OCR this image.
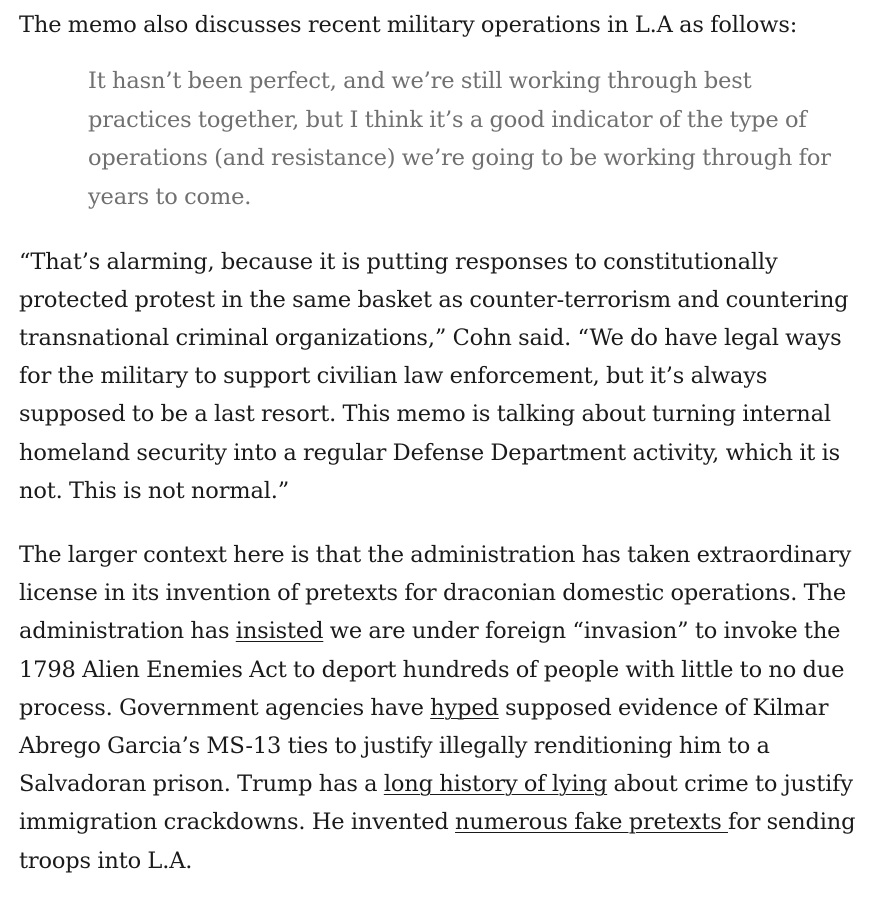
The memo also discusses recent military operations in L.A as follows:

It hasn’t been perfect, and we’re still working through best practices together, but I think it’s a good indicator of the type of operations (and resistance) we’re going to be working through for years to come.

“That’s alarming, because it is putting responses to constitutionally protected protest in the same basket as counter-terrorism and countering transnational criminal organizations,” Cohn said. “We do have legal ways for the military to support civilian law enforcement, but it’s always supposed to be a last resort. This memo is talking about turning internal homeland security into a regular Defense Department activity, which it is not. This is not normal.”

The larger context here is that the administration has taken extraordinary license in its invention of pretexts for draconian domestic operations. The administration has insisted we are under foreign “invasion” to invoke the 1798 Alien Enemies Act to deport hundreds of people with little to no due process. Government agencies have hyped supposed evidence of Kilmar Abrego Garcia’s MS-13 ties to justify illegally renditioning him to a Salvadoran prison. Trump has a long history of lying about crime to justify immigration crackdowns. He invented numerous fake pretexts for sending troops into L.A.
